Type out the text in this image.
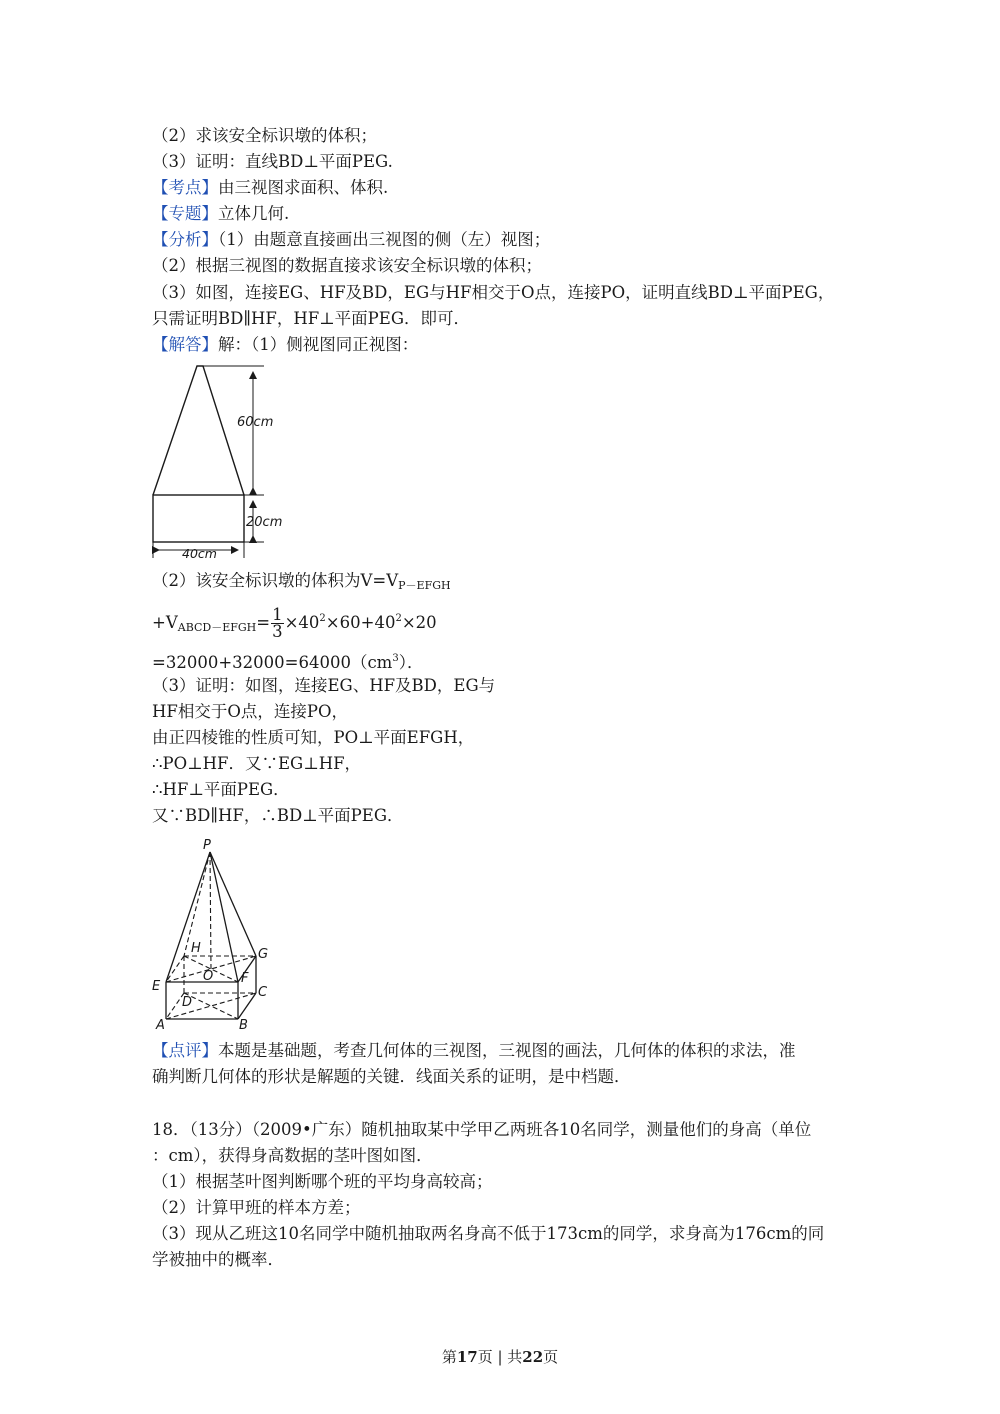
（2）求该安全标识墩的体积；
（3）证明：直线BD⊥平面PEG.
【考点】由三视图求面积、体积.
【专题】立体几何.
【分析】（1）由题意直接画出三视图的侧（左）视图；
（2）根据三视图的数据直接求该安全标识墩的体积；
（3）如图，连接EG、HF及BD，EG与HF相交于O点，连接PO，证明直线BD⊥平面PEG，
只需证明BD∥HF，HF⊥平面PEG．即可．
【解答】解：（1）侧视图同正视图：
60cm
20cm
40cm
（2）该安全标识墩的体积为$V=V_{P-EFGH}$
$+V_{ABCD-EFGH}= \frac{1}{3} \times 40^2\times 60+40^2\times 20$
$=32000+32000=64000(cm^3)$．
（3）证明：如图，连接EG、HF及BD，EG与
HF相交于O点，连接PO，
由正四棱锥的性质可知，PO⊥平面EFGH，
∴PO⊥HF．又∵EG⊥HF，
∴HF⊥平面PEG．
又∵BD∥HF，∴BD⊥平面PEG．
P
H	G
O F
E
D
C
A	B
【点评】本题是基础题，考查几何体的三视图，三视图的画法，几何体的体积的求法，准
确判断几何体的形状是解题的关键．线面关系的证明，是中档题．
18．（13分）（2009•广东）随机抽取某中学甲乙两班各10名同学，测量他们的身高（单位
：cm），获得身高数据的茎叶图如图．
（1）根据茎叶图判断哪个班的平均身高较高；
（2）计算甲班的样本方差；
（3）现从乙班这10名同学中随机抽取两名身高不低于173cm的同学，求身高为176cm的同
学被抽中的概率．
第17页 | 共22页
